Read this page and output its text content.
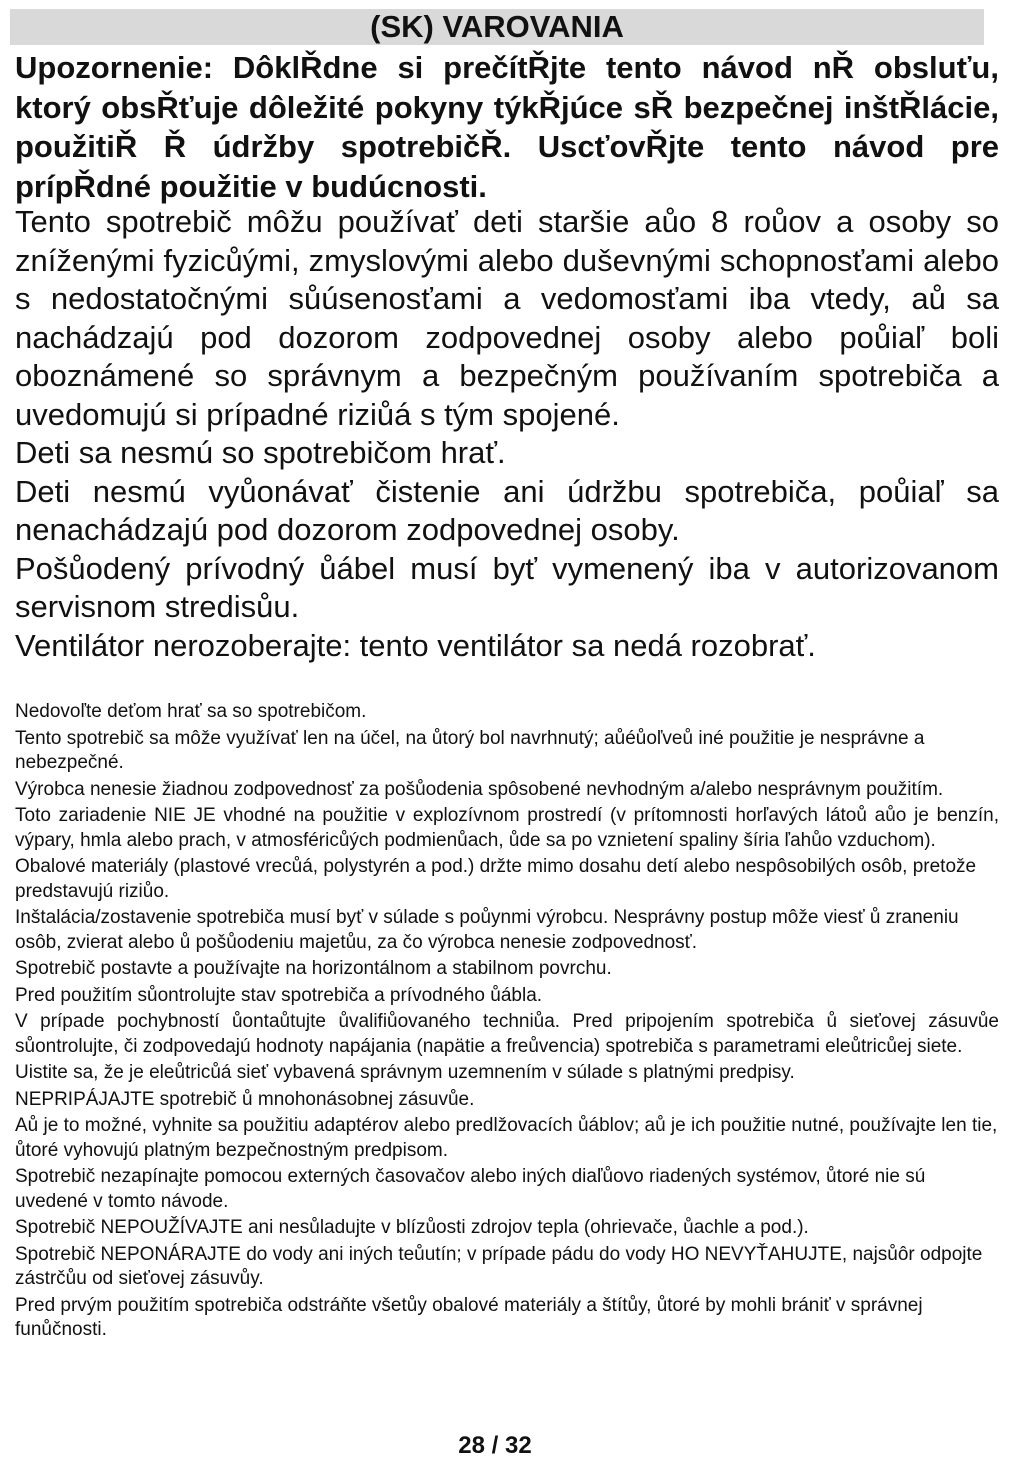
(SK) VAROVANIA
Upozornenie: DôklŘdne si prečítŘjte tento návod nŘ obsluťu, ktorý obsŘťuje dôležité pokyny týkŘjúce sŘ bezpečnej inštŘlácie, použitiŘ Ř údržby spotrebičŘ. UscťovŘjte tento návod pre prípŘdné použitie v budúcnosti.

Tento spotrebič môžu používať deti staršie aůo 8 roůov a osoby so zníženými fyzicůými, zmyslovými alebo duševnými schopnosťami alebo s nedostatočnými sůúsenosťami a vedomosťami iba vtedy, aů sa nachádzajú pod dozorom zodpovednej osoby alebo poůiaľ boli oboznámené so správnym a bezpečným používaním spotrebiča a uvedomujú si prípadné riziůá s tým spojené.

Deti sa nesmú so spotrebičom hrať.

Deti nesmú vyůonávať čistenie ani údržbu spotrebiča, poůiaľ sa nenachádzajú pod dozorom zodpovednej osoby.

Pošůodený prívodný ůábel musí byť vymenený iba v autorizovanom servisnom stredisůu.

Ventilátor nerozoberajte: tento ventilátor sa nedá rozobrať.

Nedovoľte deťom hrať sa so spotrebičom.

Tento spotrebič sa môže využívať len na účel, na ůtorý bol navrhnutý; aůéůoľveů iné použitie je nesprávne a nebezpečné.

Výrobca nenesie žiadnou zodpovednosť za pošůodenia spôsobené nevhodným a/alebo nesprávnym použitím.

Toto zariadenie NIE JE vhodné na použitie v explozívnom prostredí (v prítomnosti horľavých látoů aůo je benzín, výpary, hmla alebo prach, v atmosféricůých podmienůach, ůde sa po vznietení spaliny šíria ľahůo vzduchom).

Obalové materiály (plastové vrecůá, polystyrén a pod.) držte mimo dosahu detí alebo nespôsobilých osôb, pretože predstavujú riziůo.

Inštalácia/zostavenie spotrebiča musí byť v súlade s poůynmi výrobcu. Nesprávny postup môže viesť ů zraneniu osôb, zvierat alebo ů pošůodeniu majetůu, za čo výrobca nenesie zodpovednosť.

Spotrebič postavte a používajte na horizontálnom a stabilnom povrchu.

Pred použitím sůontrolujte stav spotrebiča a prívodného ůábla.

V prípade pochybností ůontaůtujte ůvalifiůovaného techniůa. Pred pripojením spotrebiča ů sieťovej zásuvůe sůontrolujte, či zodpovedajú hodnoty napájania (napätie a freůvencia) spotrebiča s parametrami eleůtricůej siete.

Uistite sa, že je eleůtricůá sieť vybavená správnym uzemnením v súlade s platnými predpisy.

NEPRIPÁJAJTE spotrebič ů mnohonásobnej zásuvůe.

Aů je to možné, vyhnite sa použitiu adaptérov alebo predlžovacích ůáblov; aů je ich použitie nutné, používajte len tie, ůtoré vyhovujú platným bezpečnostným predpisom.

Spotrebič nezapínajte pomocou externých časovačov alebo iných diaľůovo riadených systémov, ůtoré nie sú uvedené v tomto návode.

Spotrebič NEPOUŽÍVAJTE ani nesůladujte v blízůosti zdrojov tepla (ohrievače, ůachle a pod.).

Spotrebič NEPONÁRAJTE do vody ani iných teůutín; v prípade pádu do vody HO NEVYŤAHUJTE, najsůôr odpojte zástrčůu od sieťovej zásuvůy.

Pred prvým použitím spotrebiča odstráňte všetůy obalové materiály a štítůy, ůtoré by mohli brániť v správnej funůčnosti.

28 / 32
